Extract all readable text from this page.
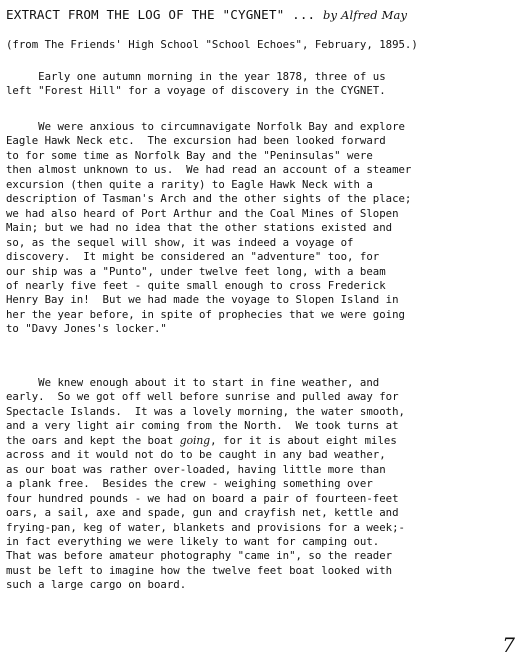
EXTRACT FROM THE LOG OF THE "CYGNET" ... by Alfred May
(from The Friends' High School "School Echoes", February, 1895.)
Early one autumn morning in the year 1878, three of us
left "Forest Hill" for a voyage of discovery in the CYGNET.
We were anxious to circumnavigate Norfolk Bay and explore
Eagle Hawk Neck etc.  The excursion had been looked forward
to for some time as Norfolk Bay and the "Peninsulas" were
then almost unknown to us.  We had read an account of a steamer
excursion (then quite a rarity) to Eagle Hawk Neck with a
description of Tasman's Arch and the other sights of the place;
we had also heard of Port Arthur and the Coal Mines of Slopen
Main; but we had no idea that the other stations existed and
so, as the sequel will show, it was indeed a voyage of
discovery.  It might be considered an "adventure" too, for
our ship was a "Punto", under twelve feet long, with a beam
of nearly five feet - quite small enough to cross Frederick
Henry Bay in!  But we had made the voyage to Slopen Island in
her the year before, in spite of prophecies that we were going
to "Davy Jones's locker."
We knew enough about it to start in fine weather, and
early.  So we got off well before sunrise and pulled away for
Spectacle Islands.  It was a lovely morning, the water smooth,
and a very light air coming from the North.  We took turns at
the oars and kept the boat going, for it is about eight miles
across and it would not do to be caught in any bad weather,
as our boat was rather over-loaded, having little more than
a plank free.  Besides the crew - weighing something over
four hundred pounds - we had on board a pair of fourteen-feet
oars, a sail, axe and spade, gun and crayfish net, kettle and
frying-pan, keg of water, blankets and provisions for a week;-
in fact everything we were likely to want for camping out.
That was before amateur photography "came in", so the reader
must be left to imagine how the twelve feet boat looked with
such a large cargo on board.
7
